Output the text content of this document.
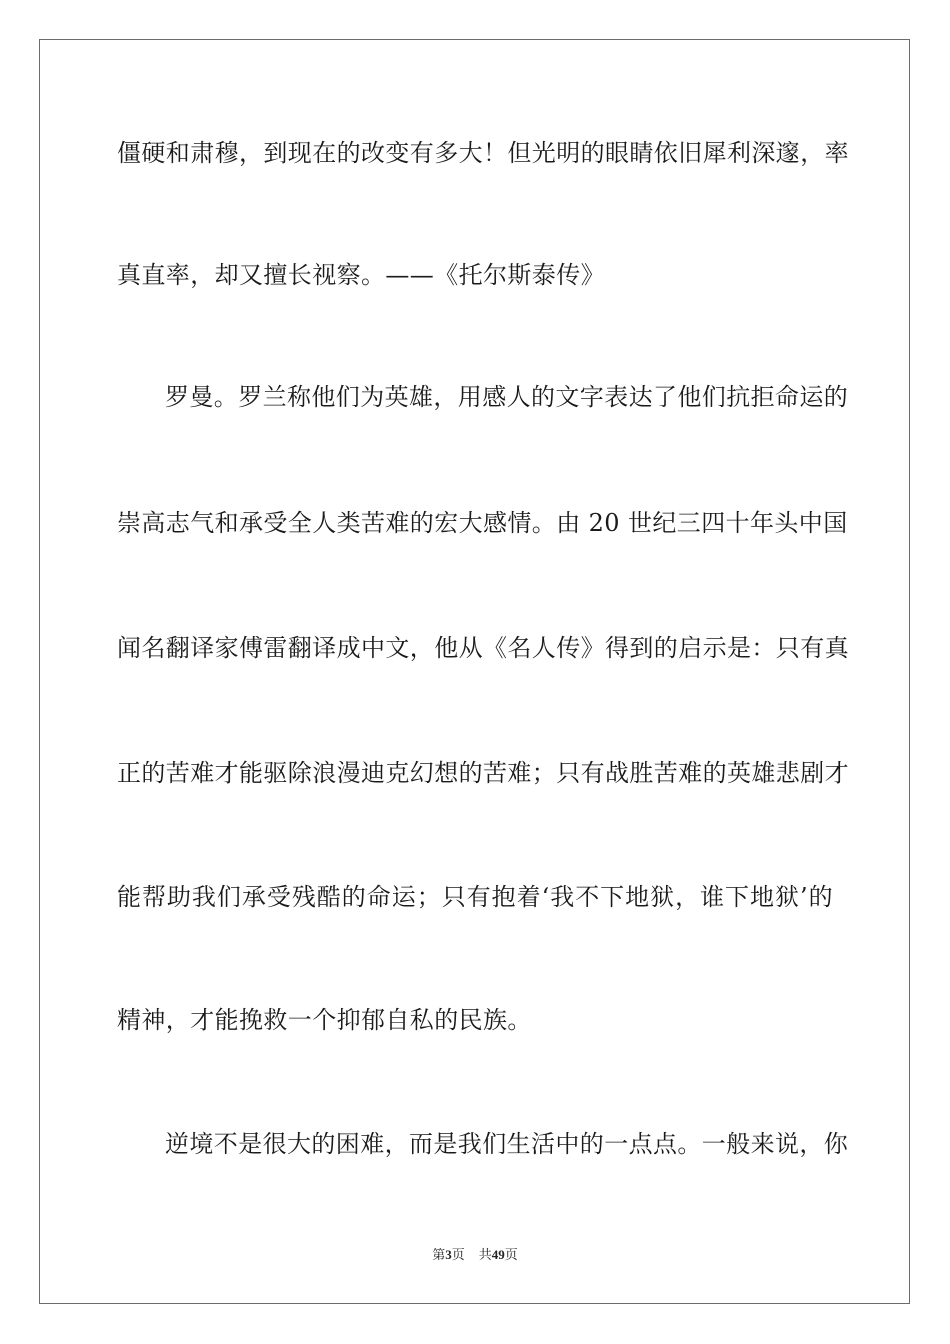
僵硬和肃穆，到现在的改变有多大！但光明的眼睛依旧犀利深邃，率
真直率，却又擅长视察。——《托尔斯泰传》
罗曼。罗兰称他们为英雄，用感人的文字表达了他们抗拒命运的
崇高志气和承受全人类苦难的宏大感情。由 20 世纪三四十年头中国
闻名翻译家傅雷翻译成中文，他从《名人传》得到的启示是：只有真
正的苦难才能驱除浪漫迪克幻想的苦难；只有战胜苦难的英雄悲剧才
能帮助我们承受残酷的命运；只有抱着‘我不下地狱，谁下地狱’的
精神，才能挽救一个抑郁自私的民族。
逆境不是很大的困难，而是我们生活中的一点点。一般来说，你
第3页 共49页
